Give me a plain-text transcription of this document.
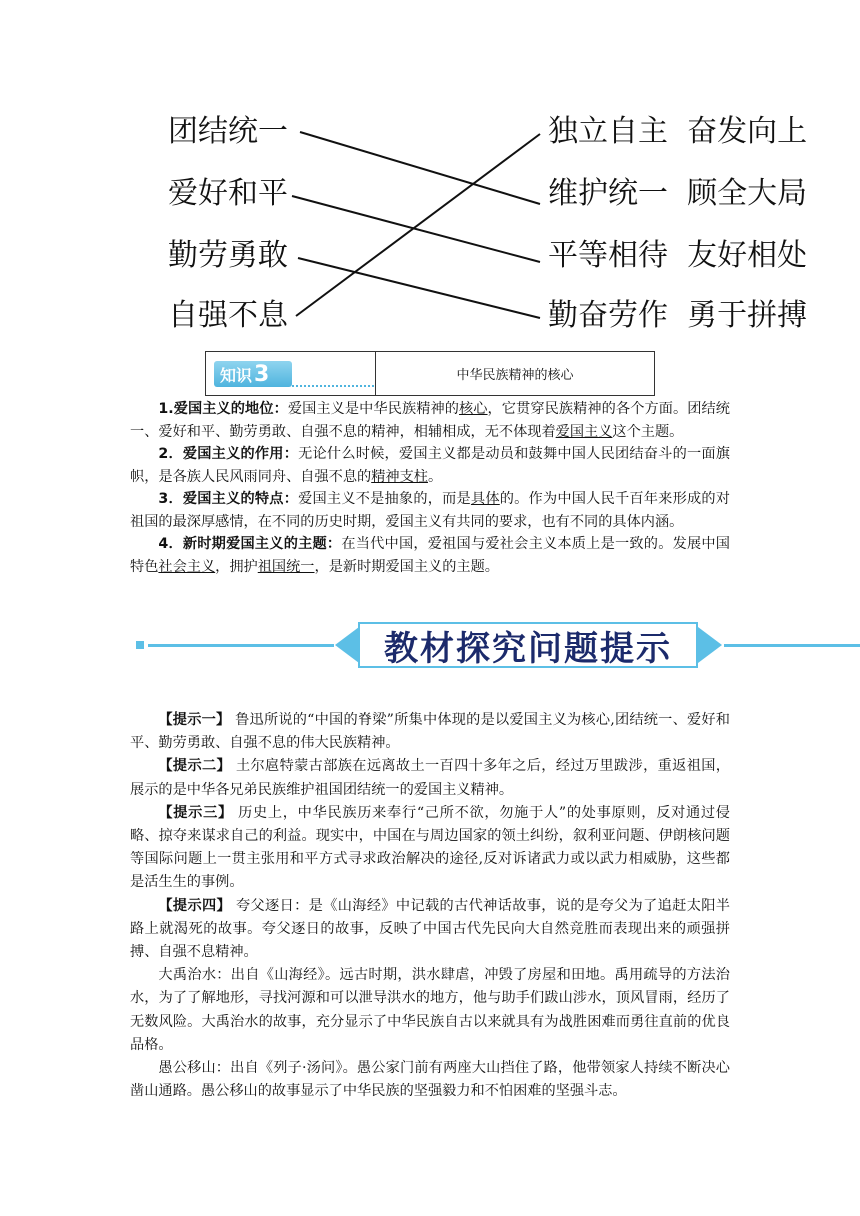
团结统一
爱好和平
勤劳勇敢
自强不息
独立自主  奋发向上
维护统一  顾全大局
平等相待  友好相处
勤奋劳作  勇于拼搏
知识 3	中华民族精神的核心

1.爱国主义的地位：爱国主义是中华民族精神的核心，它贯穿民族精神的各个方面。团结统一、爱好和平、勤劳勇敢、自强不息的精神，相辅相成，无不体现着爱国主义这个主题。

2．爱国主义的作用：无论什么时候，爱国主义都是动员和鼓舞中国人民团结奋斗的一面旗帜，是各族人民风雨同舟、自强不息的精神支柱。

3．爱国主义的特点：爱国主义不是抽象的，而是具体的。作为中国人民千百年来形成的对祖国的最深厚感情，在不同的历史时期，爱国主义有共同的要求，也有不同的具体内涵。

4．新时期爱国主义的主题：在当代中国，爱祖国与爱社会主义本质上是一致的。发展中国特色社会主义，拥护祖国统一，是新时期爱国主义的主题。

教材探究问题提示

【提示一】 鲁迅所说的“中国的脊梁”所集中体现的是以爱国主义为核心,团结统一、爱好和平、勤劳勇敢、自强不息的伟大民族精神。

【提示二】 土尔扈特蒙古部族在远离故土一百四十多年之后，经过万里跋涉，重返祖国，展示的是中华各兄弟民族维护祖国团结统一的爱国主义精神。

【提示三】 历史上，中华民族历来奉行“己所不欲，勿施于人”的处事原则，反对通过侵略、掠夺来谋求自己的利益。现实中，中国在与周边国家的领土纠纷，叙利亚问题、伊朗核问题等国际问题上一贯主张用和平方式寻求政治解决的途径,反对诉诸武力或以武力相威胁，这些都是活生生的事例。

【提示四】 夸父逐日：是《山海经》中记载的古代神话故事，说的是夸父为了追赶太阳半路上就渴死的故事。夸父逐日的故事，反映了中国古代先民向大自然竞胜而表现出来的顽强拼搏、自强不息精神。

大禹治水：出自《山海经》。远古时期，洪水肆虐，冲毁了房屋和田地。禹用疏导的方法治水，为了了解地形，寻找河源和可以泄导洪水的地方，他与助手们跋山涉水，顶风冒雨，经历了无数风险。大禹治水的故事，充分显示了中华民族自古以来就具有为战胜困难而勇往直前的优良品格。

愚公移山：出自《列子·汤问》。愚公家门前有两座大山挡住了路，他带领家人持续不断决心凿山通路。愚公移山的故事显示了中华民族的坚强毅力和不怕困难的坚强斗志。
